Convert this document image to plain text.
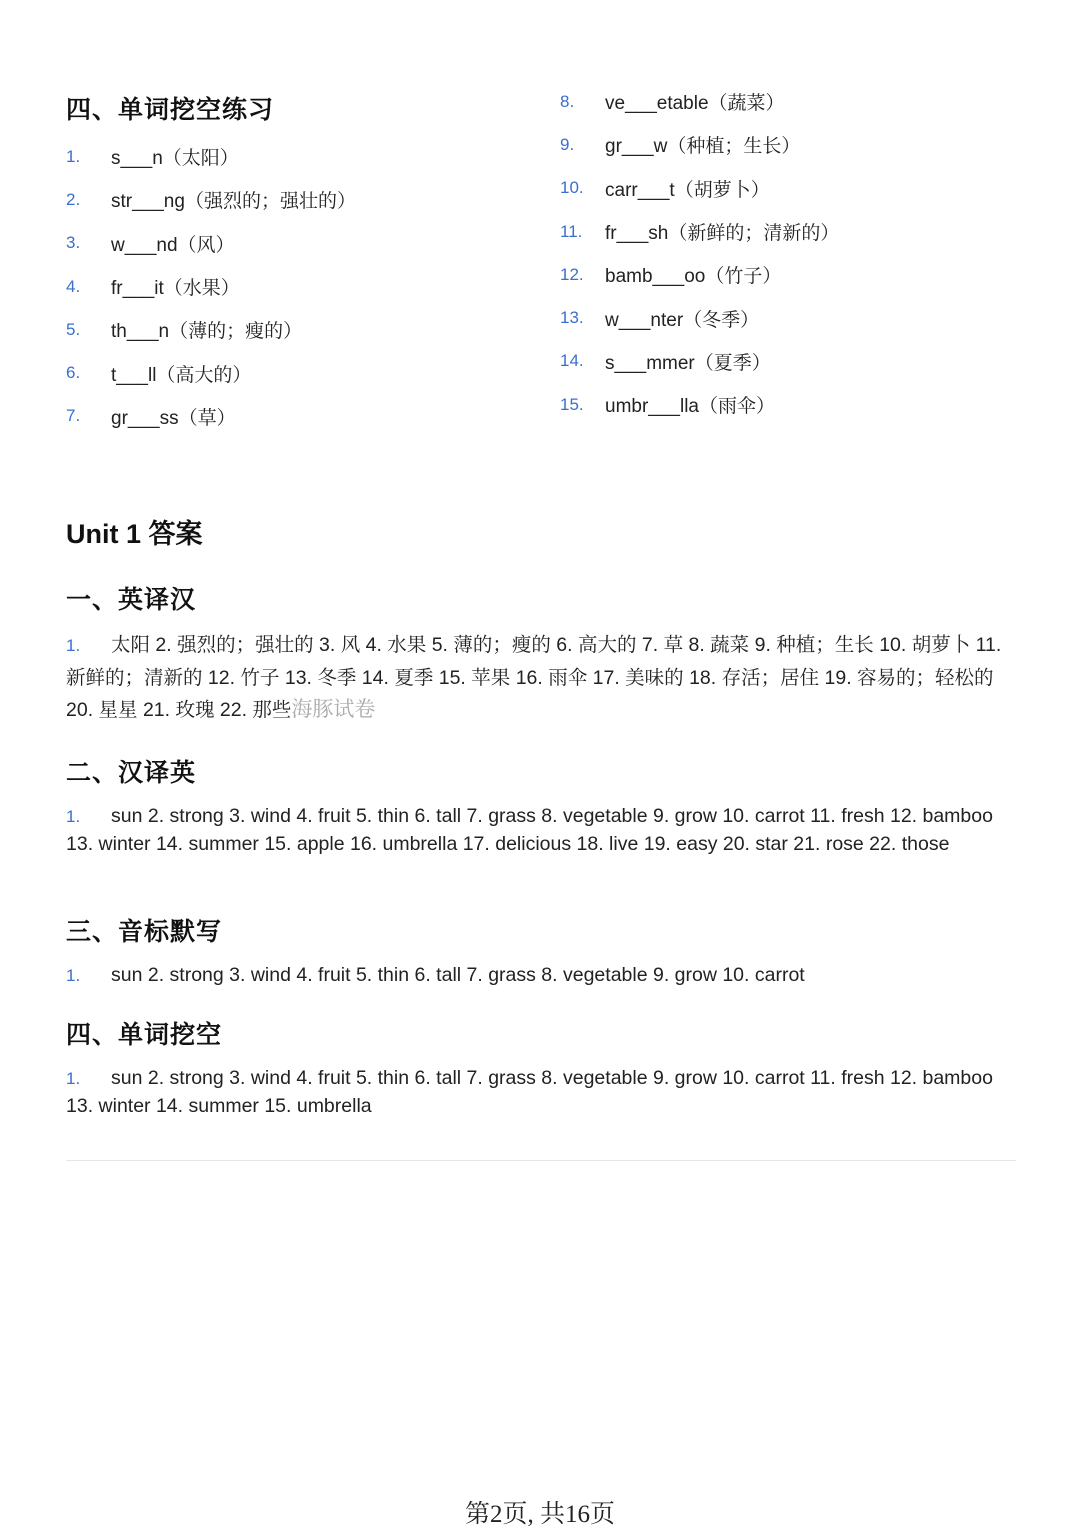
四、单词挖空练习
1.	s___n（太阳）
2.	str___ng（强烈的；强壮的）
3.	w___nd（风）
4.	fr___it（水果）
5.	th___n（薄的；瘦的）
6.	t___ll（高大的）
7.	gr___ss（草）
8.	ve___etable（蔬菜）
9.	gr___w（种植；生长）
10.	carr___t（胡萝卜）
11.	fr___sh（新鲜的；清新的）
12.	bamb___oo（竹子）
13.	w___nter（冬季）
14.	s___mmer（夏季）
15.	umbr___lla（雨伞）
Unit 1 答案
一、英译汉
1. 太阳 2. 强烈的；强壮的 3. 风 4. 水果 5. 薄的；瘦的 6. 高大的 7. 草 8. 蔬菜 9. 种植；生长 10. 胡萝卜 11. 新鲜的；清新的 12. 竹子 13. 冬季 14. 夏季 15. 苹果 16. 雨伞 17. 美味的 18. 存活；居住 19. 容易的；轻松的 20. 星星 21. 玫瑰 22. 那些海豚试卷
二、汉译英
1. sun 2. strong 3. wind 4. fruit 5. thin 6. tall 7. grass 8. vegetable 9. grow 10. carrot 11. fresh 12. bamboo 13. winter 14. summer 15. apple 16. umbrella 17. delicious 18. live 19. easy 20. star 21. rose 22. those
三、音标默写
1. sun 2. strong 3. wind 4. fruit 5. thin 6. tall 7. grass 8. vegetable 9. grow 10. carrot
四、单词挖空
1. sun 2. strong 3. wind 4. fruit 5. thin 6. tall 7. grass 8. vegetable 9. grow 10. carrot 11. fresh 12. bamboo 13. winter 14. summer 15. umbrella
第2页, 共16页
